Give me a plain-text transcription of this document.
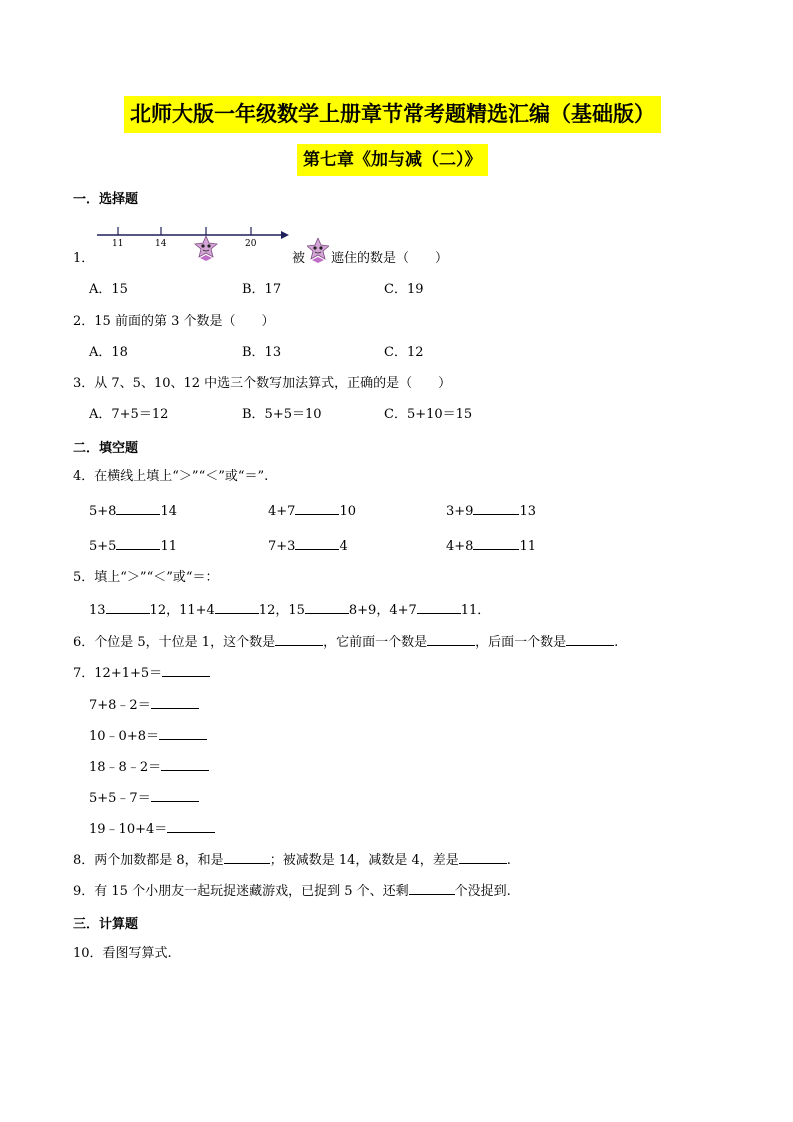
北师大版一年级数学上册章节常考题精选汇编（基础版）
第七章《加与减（二）》
一．选择题
11	14	20
1．	被 遮住的数是（　　）
A．15	B．17	C．19
2．15 前面的第 3 个数是（　　）
A．18	B．13	C．12
3．从 7、5、10、12 中选三个数写加法算式，正确的是（　　）
A．7+5＝12	B．5+5＝10	C．5+10＝15
二．填空题
4．在横线上填上“＞”“＜”或“＝”.
5+8	14	4+7	10	3+9	13
5+5	11	7+3	4	4+8	11
5．填上“＞”“＜”或“＝：
13	12，11+4	12，15	8+9，4+7	11．
6．个位是 5，十位是 1，这个数是	，它前面一个数是	，后面一个数是	.
7．12+1+5＝
7+8﹣2＝
10﹣0+8＝
18﹣8﹣2＝
5+5﹣7＝
19﹣10+4＝
8．两个加数都是 8，和是	；被减数是 14，减数是 4，差是	.
9．有 15 个小朋友一起玩捉迷藏游戏，已捉到 5 个、还剩	个没捉到.
三．计算题
10．看图写算式.
